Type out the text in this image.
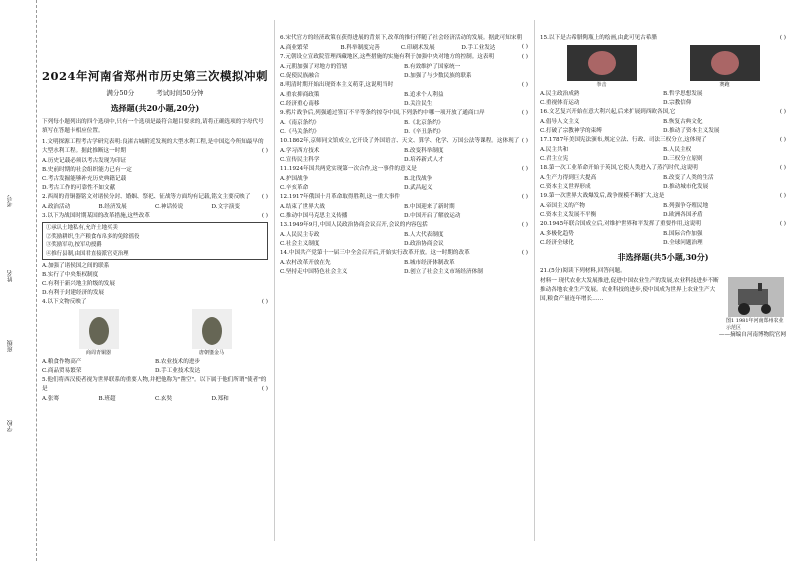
学校
班级
姓名
考号
2024年河南省郑州市历史第三次模拟冲刺
满分50分	考试时间50分钟
选择题(共20小题,20分)
下列每小题列出的四个选项中,只有一个选项是最符合题目要求的,请将正确选项的字母代号填写在答题卡相应位置。
1.文明探源工程考古学研究表明:良渚古城附近发现的大型水利工程,是中国迄今所知最早的大型水利工程。据此推断这一时期	( )
A.历史记载必须以考古发现为印证
B.史前时期的社会组织能力已有一定
C.考古发掘能够补充历史典籍记载
D.考古工作的可靠性不如文献
2.西周的青铜器铭文对诸侯分封、婚姻、祭祀、征战等方面均有记载,铭文主要反映了 ( )
A.政治活动	B.经济发展	C.神话传说	D.文字演变
3.以下为战国时期某国的改革措施,这些改革	( )
①承认土地私有,允许土地买卖
②奖励耕织,生产粮食布帛多的免除徭役
③奖励军功,按军功授爵
④推行县制,由国君直接派官吏治理
A.加强了诸侯国之间的联系
B.实行了中央集权制度
C.有利于新兴地主阶级的发展
D.有利于封建经济的发展
4.以下文物反映了	( )
商周青铜器	唐朝鎏金马
A.粮食作物高产	B.农业技术的进步
C.商品贸易繁荣	D.手工业技术发达
5.他们将西汉使者视为世界联系的重要人物,并把他称为"凿空"。以下属于他们所谓"使者"的是	( )
A.张骞	B.班超	C.玄奘	D.郑和
6.宋代官方的经济政策在获得进展的背景下,改革的推行伴随了社会经济活动的发展。据此可知宋朝
( )
A.商业繁荣	B.科举制度完善	C.印刷术发展	D.手工业发达
7.元朝设立宣政院管理西藏地区,这些措施的实施有利于加强中央对地方的控制。这表明	( )
A.元朝加强了对地方的管辖	B.有效维护了国家统一
C.促使民族融合	D.加强了与少数民族的联系
8.明清时期开始出现资本主义萌芽,这说明当时	( )
A.重农抑商政策	B.追求个人利益
C.经济重心南移	D.关注民生
9.鸦片战争后,列强通过签订不平等条约掠夺中国,下列条约中哪一项开放了通商口岸	( )
A.《南京条约》	B.《北京条约》
C.《马关条约》	D.《辛丑条约》
10.1862年,京师同文馆成立,它开设了外国语言、天文、算学、化学、万国公法等课程。这体现了 ( )
A.学习西方技术	B.改变科举制度
C.宣传民主科学	D.培养新式人才
11.1924年国共两党实现第一次合作,这一事件的意义是	( )
A.护国战争	B.北伐战争
C.辛亥革命	D.武昌起义
12.1917年俄国十月革命取得胜利,这一重大事件	( )
A.结束了世界大战	B.中国迎来了新时期
C.推动中国马克思主义传播	D.中国开启了解放运动
13.1949年9月,中国人民政治协商会议召开,会议的内容包括	( )
A.人民民主专政	B.人大代表制度
C.社会主义制度	D.政治协商会议
14.中国共产党第十一届三中全会召开后,开始实行改革开放。这一时期的改革	( )
A.农村改革开放在先	B.城市经济体制改革
C.坚持走中国特色社会主义	D.创立了社会主义市场经济体制
15.以下是古希腊陶瓶上的绘画,由此可见古希腊	( )
拳击	赛跑
A.民主政治成熟	B.哲学思想发展
C.重视体育运动	D.宗教信仰
16.文艺复兴开始在意大利兴起,后来扩展到西欧各国,它	( )
A.倡导人文主义	B.恢复古典文化
C.打破了宗教神学的束缚	D.推动了资本主义发展
17.1787年美国宪法颁布,规定立法、行政、司法三权分立,这体现了	( )
A.民主共和	B.人民主权
C.君主立宪	D.三权分立原则
18.第一次工业革命开始于英国,它使人类进入了蒸汽时代,这说明	( )
A.生产力得到巨大提高	B.改变了人类的生活
C.资本主义世界形成	D.推动城市化发展
19.第一次世界大战爆发后,战争规模不断扩大,这是	( )
A.帝国主义的产物	B.列强争夺殖民地
C.资本主义发展不平衡	D.欧洲各国矛盾
20.1945年联合国成立后,对维护世界和平发挥了重要作用,这说明	( )
A.多极化趋势	B.国际合作加强
C.经济全球化	D.全球问题治理
非选择题(共5小题,30分)
21.(5分)阅读下列材料,回答问题。
材料一 现代农业大发展推进,促进中国农业生产的发展,农业科技进步不断推动各地农业生产发展。农业科技的进步,使中国成为世界上农业生产大国,粮食产量连年增长……
图1 1981年河南郑州农业示范区
——摘编自河南博物院官网
